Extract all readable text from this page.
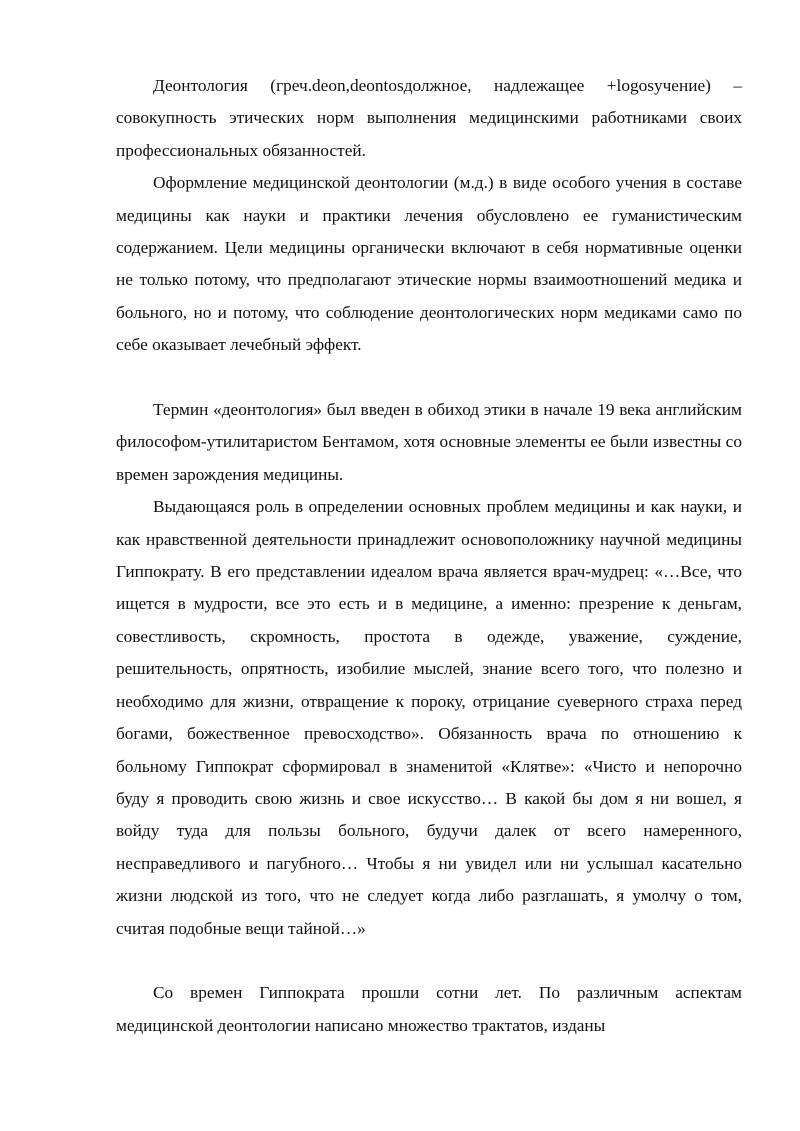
Деонтология (греч.deon,deontosдолжное, надлежащее +logosучение) – совокупность этических норм выполнения медицинскими работниками своих профессиональных обязанностей.

Оформление медицинской деонтологии (м.д.) в виде особого учения в составе медицины как науки и практики лечения обусловлено ее гуманистическим содержанием. Цели медицины органически включают в себя нормативные оценки не только потому, что предполагают этические нормы взаимоотношений медика и больного, но и потому, что соблюдение деонтологических норм медиками само по себе оказывает лечебный эффект.

Термин «деонтология» был введен в обиход этики в начале 19 века английским философом-утилитаристом Бентамом, хотя основные элементы ее были известны со времен зарождения медицины.

Выдающаяся роль в определении основных проблем медицины и как науки, и как нравственной деятельности принадлежит основоположнику научной медицины Гиппократу. В его представлении идеалом врача является врач-мудрец: «…Все, что ищется в мудрости, все это есть и в медицине, а именно: презрение к деньгам, совестливость, скромность, простота в одежде, уважение, суждение, решительность, опрятность, изобилие мыслей, знание всего того, что полезно и необходимо для жизни, отвращение к пороку, отрицание суеверного страха перед богами, божественное превосходство». Обязанность врача по отношению к больному Гиппократ сформировал в знаменитой «Клятве»: «Чисто и непорочно буду я проводить свою жизнь и свое искусство… В какой бы дом я ни вошел, я войду туда для пользы больного, будучи далек от всего намеренного, несправедливого и пагубного… Чтобы я ни увидел или ни услышал касательно жизни людской из того, что не следует когда либо разглашать, я умолчу о том, считая подобные вещи тайной…»

Со времен Гиппократа прошли сотни лет. По различным аспектам медицинской деонтологии написано множество трактатов, изданы
